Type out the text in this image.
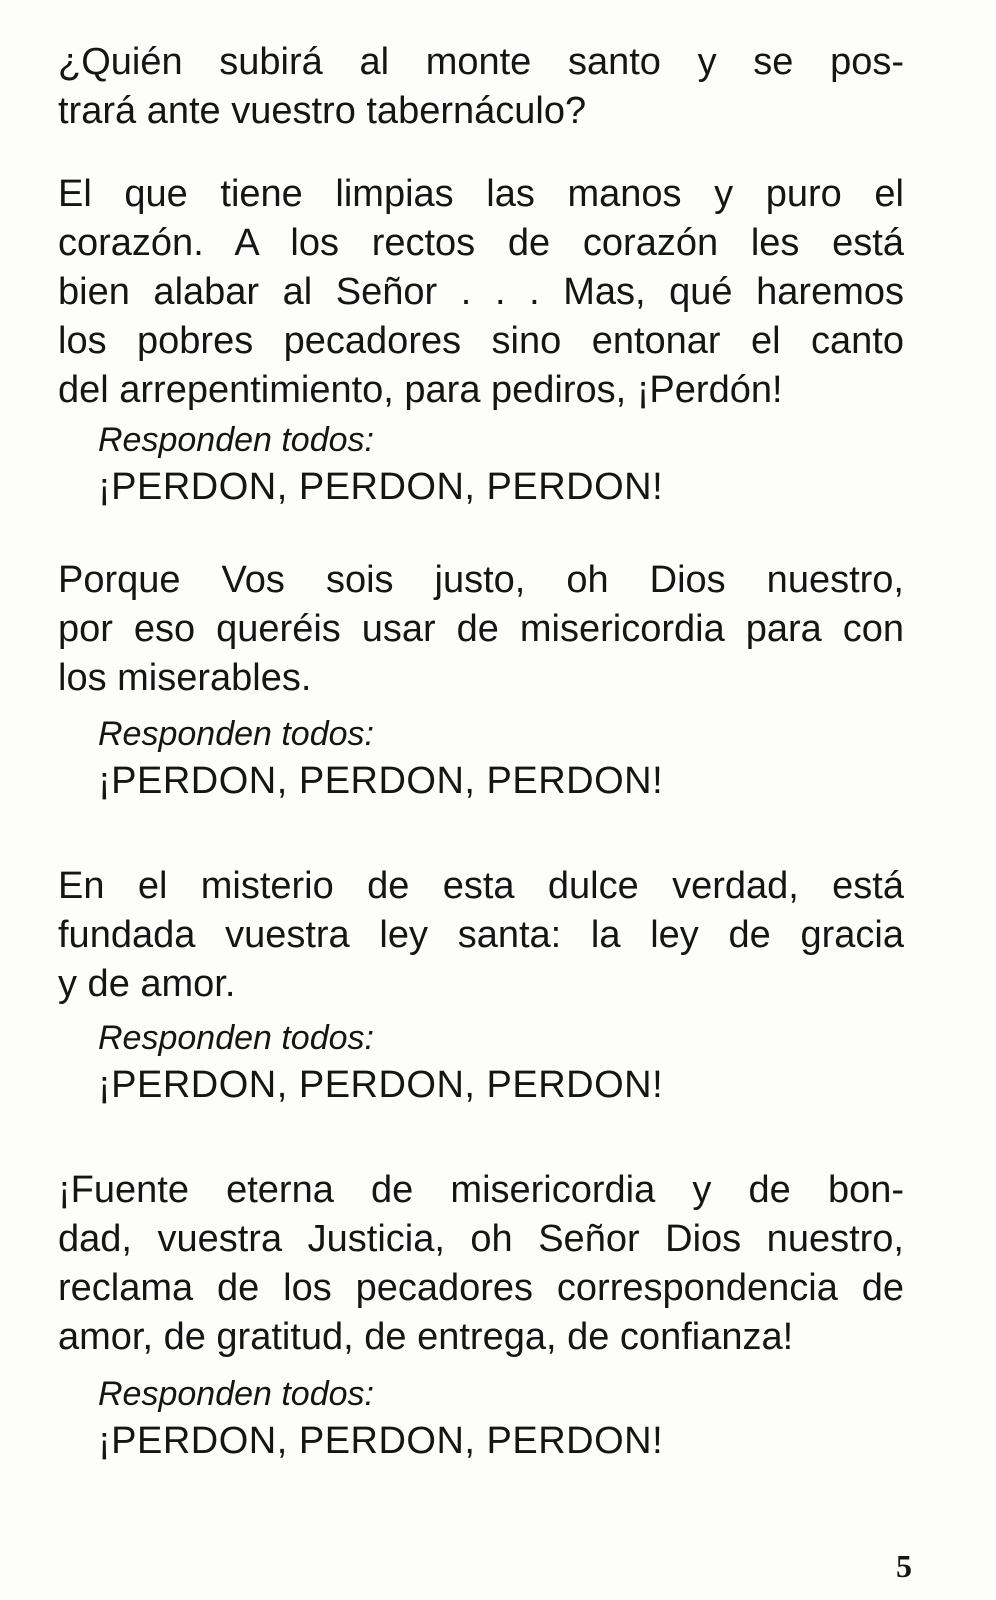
¿Quién subirá al monte santo y se pos-
trará ante vuestro tabernáculo?
El que tiene limpias las manos y puro el
corazón. A los rectos de corazón les está
bien alabar al Señor . . . Mas, qué haremos
los pobres pecadores sino entonar el canto
del arrepentimiento, para pediros, ¡Perdón!

Responden todos:

¡PERDON, PERDON, PERDON!

Porque Vos sois justo, oh Dios nuestro,
por eso queréis usar de misericordia para con
los miserables.

Responden todos:

¡PERDON, PERDON, PERDON!

En el misterio de esta dulce verdad, está
fundada vuestra ley santa: la ley de gracia
y de amor.

Responden todos:

¡PERDON, PERDON, PERDON!

¡Fuente eterna de misericordia y de bon-
dad, vuestra Justicia, oh Señor Dios nuestro,
reclama de los pecadores correspondencia de
amor, de gratitud, de entrega, de confianza!

Responden todos:

¡PERDON, PERDON, PERDON!

5
